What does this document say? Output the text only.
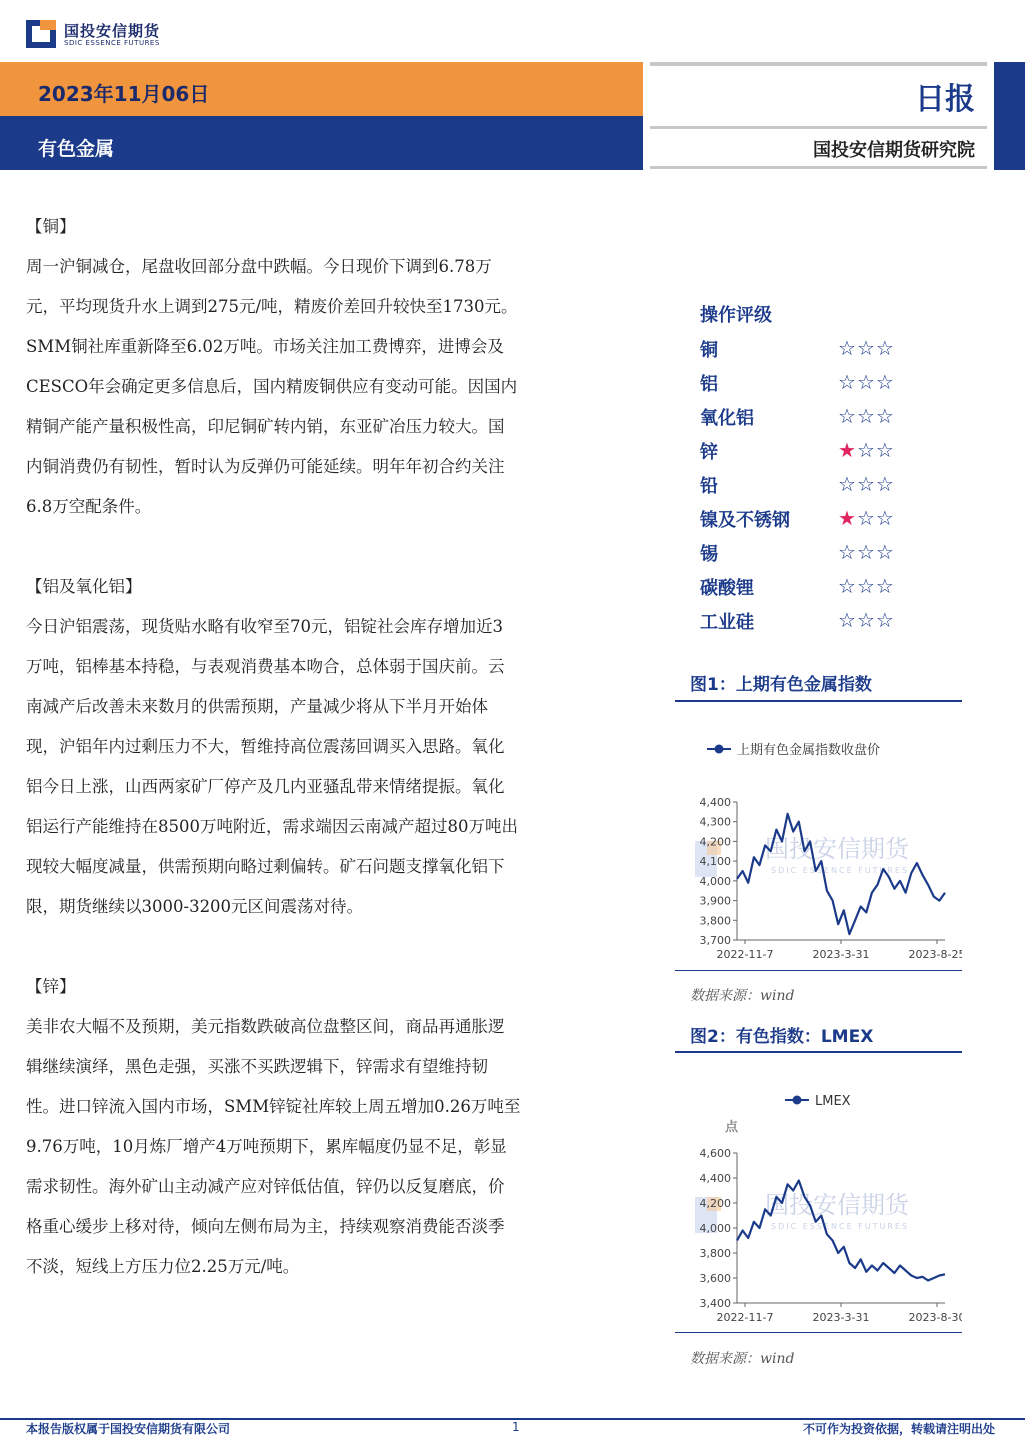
国投安信期货
SDIC ESSENCE FUTURES
2023年11月06日
有色金属
日报
国投安信期货研究院
【铜】
周一沪铜减仓，尾盘收回部分盘中跌幅。今日现价下调到6.78万
元，平均现货升水上调到275元/吨，精废价差回升较快至1730元。
SMM铜社库重新降至6.02万吨。市场关注加工费博弈，进博会及
CESCO年会确定更多信息后，国内精废铜供应有变动可能。因国内
精铜产能产量积极性高，印尼铜矿转内销，东亚矿冶压力较大。国
内铜消费仍有韧性，暂时认为反弹仍可能延续。明年年初合约关注
6.8万空配条件。
【铝及氧化铝】
今日沪铝震荡，现货贴水略有收窄至70元，铝锭社会库存增加近3
万吨，铝棒基本持稳，与表观消费基本吻合，总体弱于国庆前。云
南减产后改善未来数月的供需预期，产量减少将从下半月开始体
现，沪铝年内过剩压力不大，暂维持高位震荡回调买入思路。氧化
铝今日上涨，山西两家矿厂停产及几内亚骚乱带来情绪提振。氧化
铝运行产能维持在8500万吨附近，需求端因云南减产超过80万吨出
现较大幅度减量，供需预期向略过剩偏转。矿石问题支撑氧化铝下
限，期货继续以3000-3200元区间震荡对待。
【锌】
美非农大幅不及预期，美元指数跌破高位盘整区间，商品再通胀逻
辑继续演绎，黑色走强，买涨不买跌逻辑下，锌需求有望维持韧
性。进口锌流入国内市场，SMM锌锭社库较上周五增加0.26万吨至
9.76万吨，10月炼厂增产4万吨预期下，累库幅度仍显不足，彰显
需求韧性。海外矿山主动减产应对锌低估值，锌仍以反复磨底，价
格重心缓步上移对待，倾向左侧布局为主，持续观察消费能否淡季
不淡，短线上方压力位2.25万元/吨。
操作评级
铜	☆☆☆
铝	☆☆☆
氧化铝	☆☆☆
锌	★☆☆
铅	☆☆☆
镍及不锈钢 ★☆☆
锡	☆☆☆
碳酸锂	☆☆☆
工业硅	☆☆☆
图1：上期有色金属指数
国投安信期货
SDIC ESSENCE FUTURES
上期有色金属指数收盘价
4,400
4,300
4,200
4,100
4,000
3,900
3,800
3,700
2022-11-7	2023-3-31	2023-8-25
数据来源：wind
图2：有色指数：LMEX
国投安信期货
SDIC ESSENCE FUTURES
LMEX
点
4,600
4,400
4,200
4,000
3,800
3,600
3,400
2022-11-7	2023-3-31	2023-8-30
数据来源：wind
本报告版权属于国投安信期货有限公司	1	不可作为投资依据，转载请注明出处
